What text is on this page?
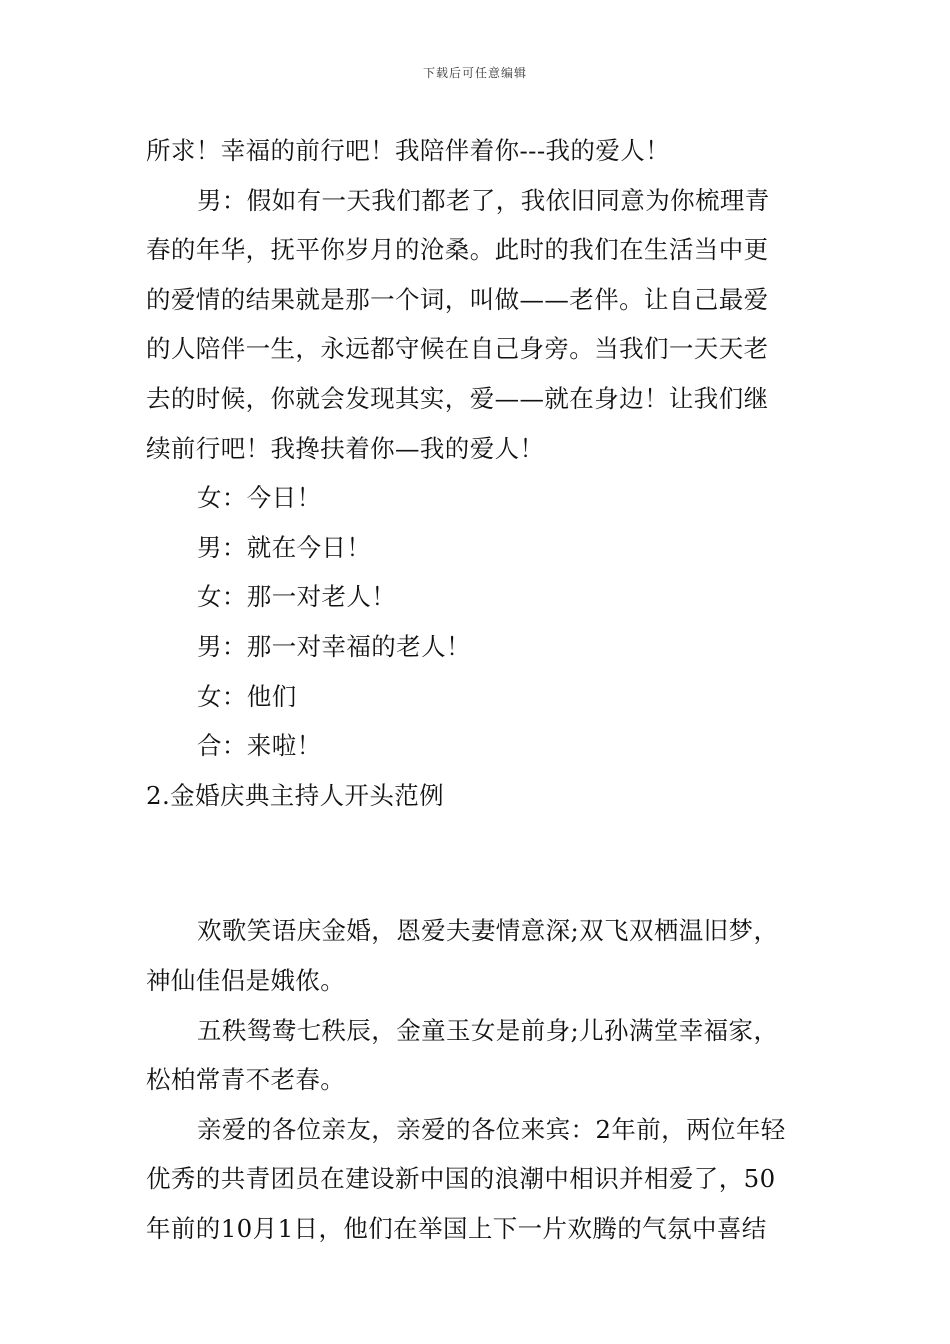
下载后可任意编辑
所求！幸福的前行吧！我陪伴着你---我的爱人！
男：假如有一天我们都老了，我依旧同意为你梳理青
春的年华，抚平你岁月的沧桑。此时的我们在生活当中更
的爱情的结果就是那一个词，叫做——老伴。让自己最爱
的人陪伴一生，永远都守候在自己身旁。当我们一天天老
去的时候，你就会发现其实，爱——就在身边！让我们继
续前行吧！我搀扶着你—我的爱人！
女：今日！
男：就在今日！
女：那一对老人！
男：那一对幸福的老人！
女：他们
合：来啦！
2.金婚庆典主持人开头范例
欢歌笑语庆金婚，恩爱夫妻情意深;双飞双栖温旧梦，
神仙佳侣是娥侬。
五秩鸳鸯七秩辰，金童玉女是前身;儿孙满堂幸福家，
松柏常青不老春。
亲爱的各位亲友，亲爱的各位来宾：2年前，两位年轻
优秀的共青团员在建设新中国的浪潮中相识并相爱了，50
年前的10月1日，他们在举国上下一片欢腾的气氛中喜结
